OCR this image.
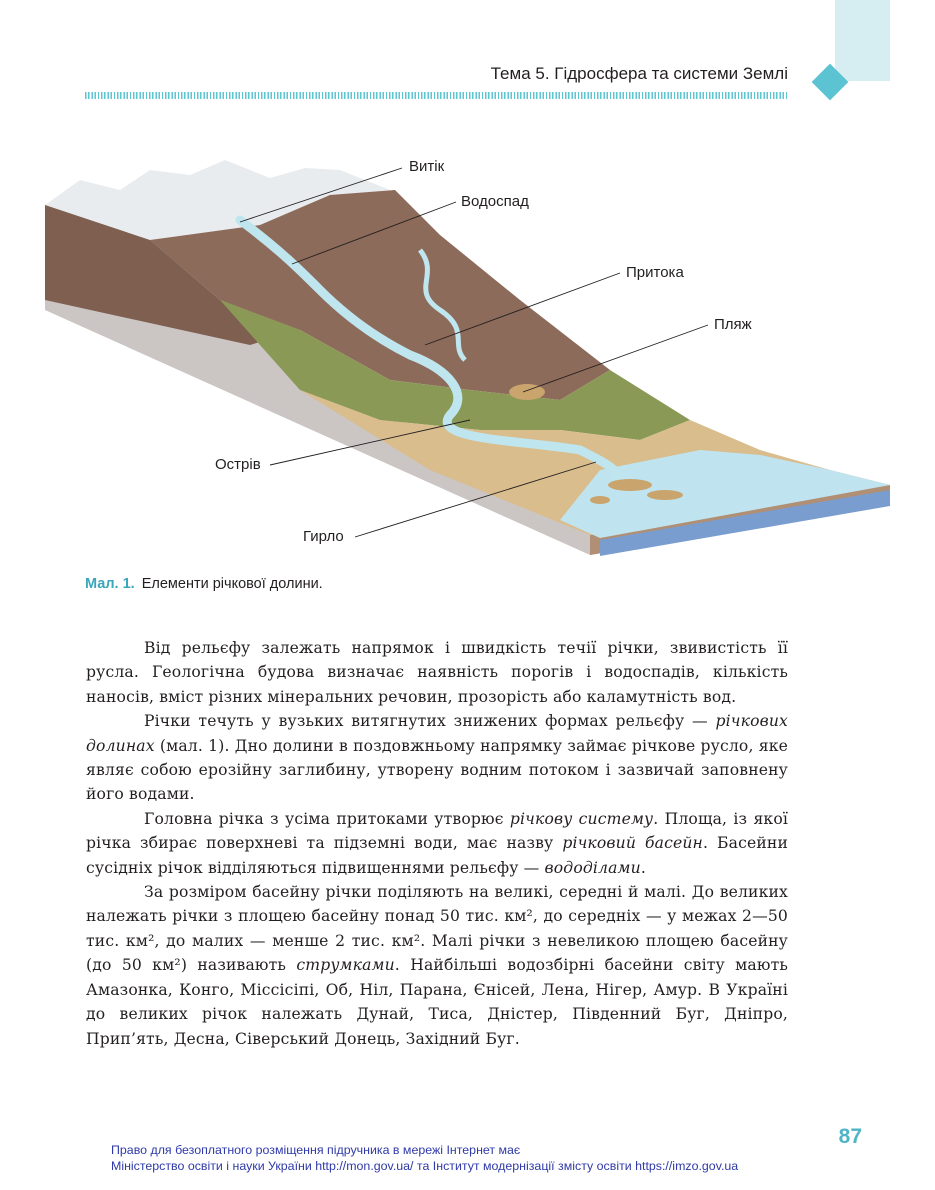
Тема 5. Гідросфера та системи Землі
Витік
Водоспад
Притока
Пляж
Острів
Гирло
Мал. 1. Елементи річкової долини.

Від рельєфу залежать напрямок і швидкість течії річки, звивистість її русла. Геологічна будова визначає наявність порогів і водоспадів, кількість наносів, вміст різних мінеральних речовин, прозорість або каламутність вод.

Річки течуть у вузьких витягнутих знижених формах рельєфу — річкових долинах (мал. 1). Дно долини в поздовжньому напрямку займає річкове русло, яке являє собою ерозійну заглибину, утворену водним потоком і зазвичай заповнену його водами.

Головна річка з усіма притоками утворює річкову систему. Площа, із якої річка збирає поверхневі та підземні води, має назву річковий басейн. Басейни сусідніх річок відділяються підвищеннями рельєфу — вододілами.

За розміром басейну річки поділяють на великі, середні й малі. До великих належать річки з площею басейну понад 50 тис. км², до середніх — у межах 2—50 тис. км², до малих — менше 2 тис. км². Малі річки з невеликою площею басейну (до 50 км²) називають струмками. Найбільші водозбірні басейни світу мають Амазонка, Конго, Міссісіпі, Об, Ніл, Парана, Єнісей, Лена, Нігер, Амур. В Україні до великих річок належать Дунай, Тиса, Дністер, Південний Буг, Дніпро, Прип’ять, Десна, Сіверський Донець, Західний Буг.

87
Право для безоплатного розміщення підручника в мережі Інтернет має
Міністерство освіти і науки України http://mon.gov.ua/ та Інститут модернізації змісту освіти https://imzo.gov.ua
